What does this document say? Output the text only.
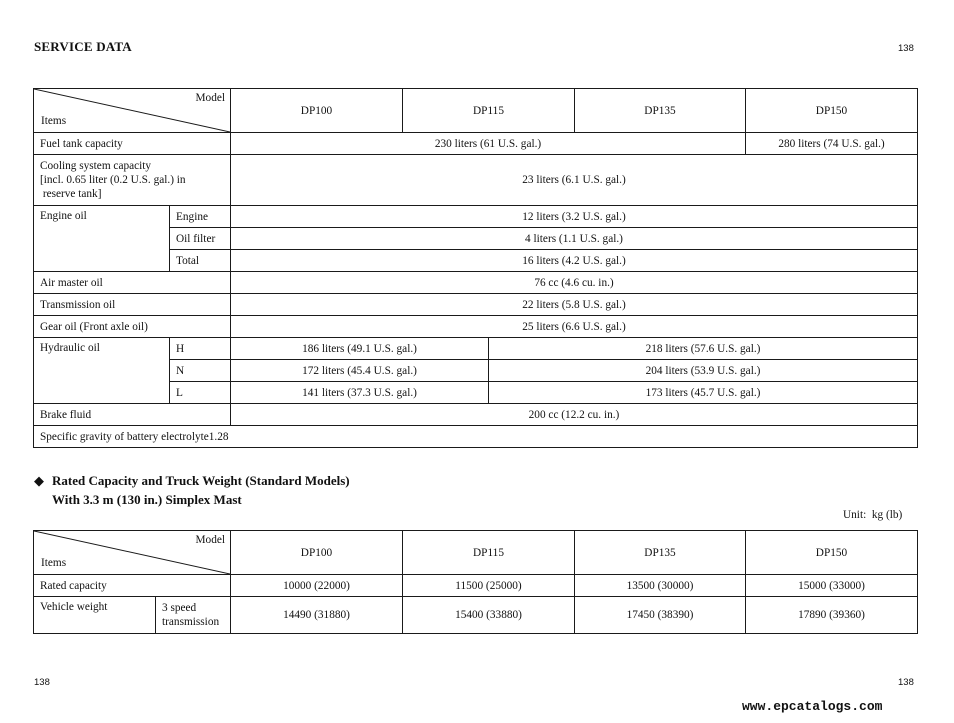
SERVICE DATA	138
Model
Items		DP100	DP115		DP135	DP150
Fuel tank capacity		230 liters (61 U.S. gal.)				280 liters (74 U.S. gal.)

Cooling system capacity
[incl. 0.65 liter (0.2 U.S. gal.) in
reserve tank]		23 liters (6.1 U.S. gal.)				
Engine oil	Engine	12 liters (3.2 U.S. gal.)				
	Oil filter	4 liters (1.1 U.S. gal.)				
	Total	16 liters (4.2 U.S. gal.)				
Air master oil		76 cc (4.6 cu. in.)				
Transmission oil		22 liters (5.8 U.S. gal.)				
Gear oil (Front axle oil)		25 liters (6.6 U.S. gal.)				
Hydraulic oil	H	186 liters (49.1 U.S. gal.)		218 liters (57.6 U.S. gal.)		
	N	172 liters (45.4 U.S. gal.)		204 liters (53.9 U.S. gal.)		
	L	141 liters (37.3 U.S. gal.)		173 liters (45.7 U.S. gal.)		
Brake fluid		200 cc (12.2 cu. in.)				
Specific gravity of battery electrolyte1.28						
◆ Rated Capacity and Truck Weight (Standard Models)
With 3.3 m (130 in.) Simplex Mast
Unit:  kg (lb)
Model
Items		DP100	DP115	DP135	DP150
Rated capacity		10000 (22000)	11500 (25000)	13500 (30000)	15000 (33000)
Vehicle weight	3 speed
transmission	14490 (31880)	15400 (33880)	17450 (38390)	17890 (39360)
138	138
www.epcatalogs.com
